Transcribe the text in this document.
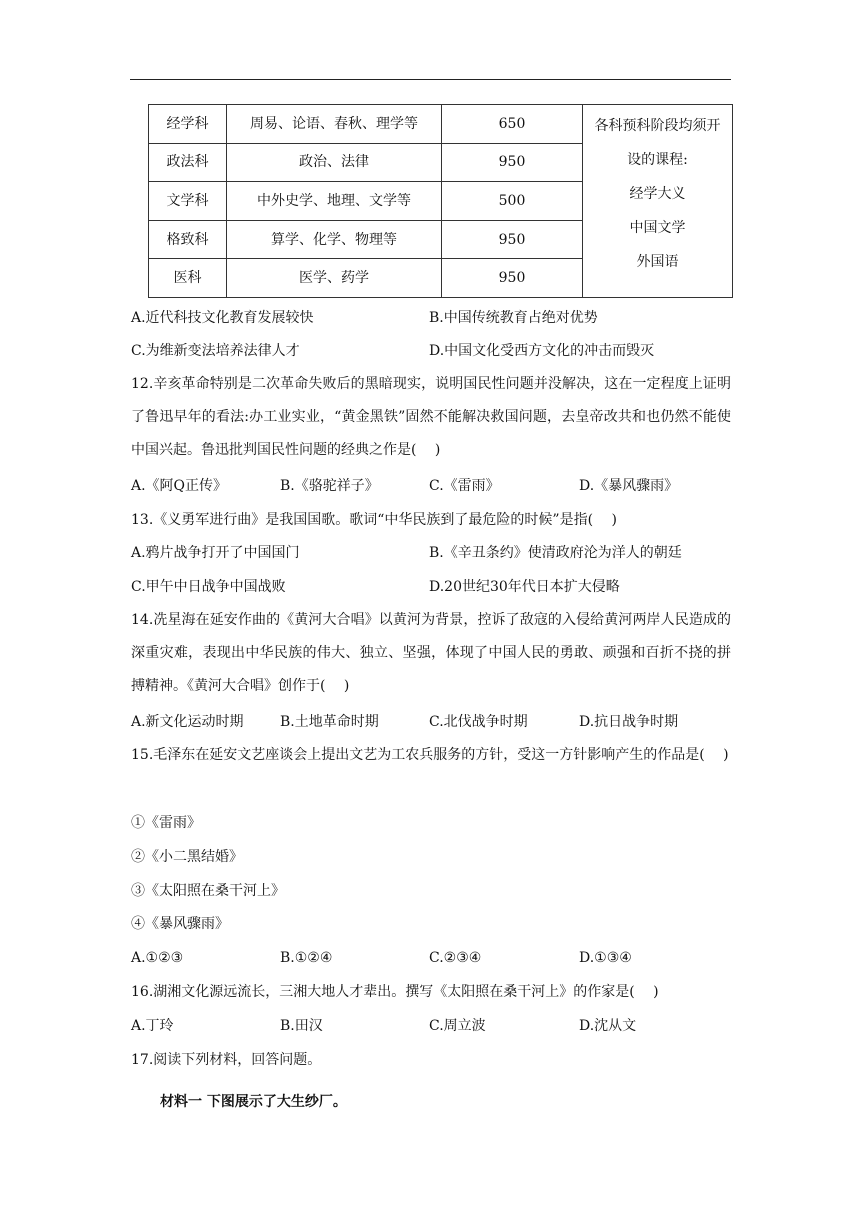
经学科	周易、论语、春秋、理学等	650	各科预科阶段均须开
设的课程:
经学大义
中国文学
外国语

政法科	政治、法律	950	
文学科	中外史学、地理、文学等	500	
格致科	算学、化学、物理等	950	
医科	医学、药学	950	
A.近代科技文化教育发展较快	B.中国传统教育占绝对优势
C.为维新变法培养法律人才	D.中国文化受西方文化的冲击而毁灭
12.辛亥革命特别是二次革命失败后的黑暗现实，说明国民性问题并没解决，这在一定程度上证明了鲁迅早年的看法:办工业实业，“黄金黑铁”固然不能解决救国问题，去皇帝改共和也仍然不能使中国兴起。鲁迅批判国民性问题的经典之作是(　 )
A.《阿Q正传》	B.《骆驼祥子》	C.《雷雨》	D.《暴风骤雨》
13.《义勇军进行曲》是我国国歌。歌词“中华民族到了最危险的时候”是指(　 )
A.鸦片战争打开了中国国门	B.《辛丑条约》使清政府沦为洋人的朝廷
C.甲午中日战争中国战败	D.20世纪30年代日本扩大侵略
14.冼星海在延安作曲的《黄河大合唱》以黄河为背景，控诉了敌寇的入侵给黄河两岸人民造成的深重灾难，表现出中华民族的伟大、独立、坚强，体现了中国人民的勇敢、顽强和百折不挠的拼搏精神。《黄河大合唱》创作于(　 )
A.新文化运动时期	B.土地革命时期	C.北伐战争时期	D.抗日战争时期
15.毛泽东在延安文艺座谈会上提出文艺为工农兵服务的方针，受这一方针影响产生的作品是(　 )
①《雷雨》
②《小二黑结婚》
③《太阳照在桑干河上》
④《暴风骤雨》
A.①②③	B.①②④	C.②③④	D.①③④
16.湖湘文化源远流长，三湘大地人才辈出。撰写《太阳照在桑干河上》的作家是(　 )
A.丁玲	B.田汉	C.周立波	D.沈从文
17.阅读下列材料，回答问题。
材料一 下图展示了大生纱厂。
